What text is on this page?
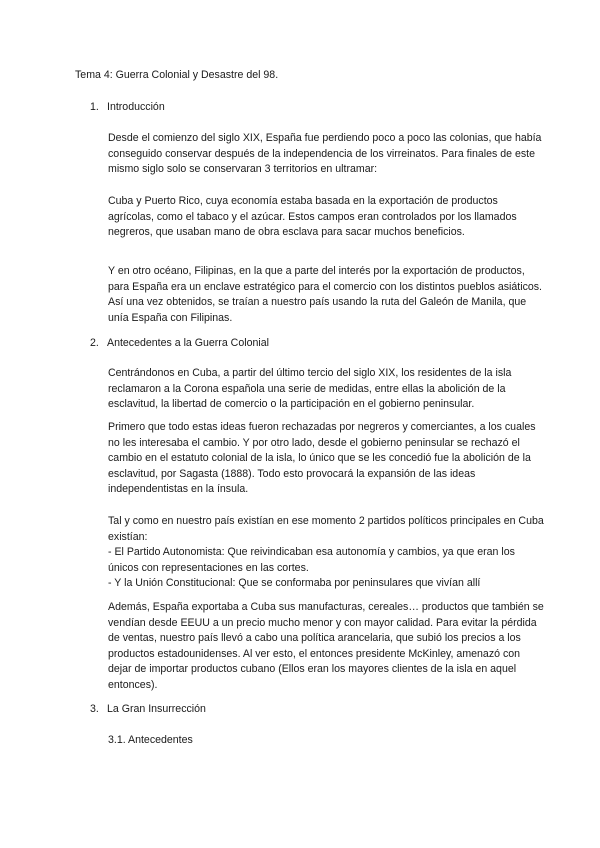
Tema 4: Guerra Colonial y Desastre del 98.
1. Introducción

Desde el comienzo del siglo XIX, España fue perdiendo poco a poco las colonias, que había conseguido conservar después de la independencia de los virreinatos. Para finales de este mismo siglo solo se conservaran 3 territorios en ultramar:

Cuba y Puerto Rico, cuya economía estaba basada en la exportación de productos agrícolas, como el tabaco y el azúcar. Estos campos eran controlados por los llamados negreros, que usaban mano de obra esclava para sacar muchos beneficios.

Y en otro océano, Filipinas, en la que a parte del interés por la exportación de productos, para España era un enclave estratégico para el comercio con los distintos pueblos asiáticos. Así una vez obtenidos, se traían a nuestro país usando la ruta del Galeón de Manila, que unía España con Filipinas.

2. Antecedentes a la Guerra Colonial

Centrándonos en Cuba, a partir del último tercio del siglo XIX, los residentes de la isla reclamaron a la Corona española una serie de medidas, entre ellas la abolición de la esclavitud, la libertad de comercio o la participación en el gobierno peninsular.

Primero que todo estas ideas fueron rechazadas por negreros y comerciantes, a los cuales no les interesaba el cambio. Y por otro lado, desde el gobierno peninsular se rechazó el cambio en el estatuto colonial de la isla, lo único que se les concedió fue la abolición de la esclavitud, por Sagasta (1888). Todo esto provocará la expansión de las ideas independentistas en la ínsula.

Tal y como en nuestro país existían en ese momento 2 partidos políticos principales en Cuba existían:

- El Partido Autonomista: Que reivindicaban esa autonomía y cambios, ya que eran los únicos con representaciones en las cortes.

- Y la Unión Constitucional: Que se conformaba por peninsulares que vivían allí

Además, España exportaba a Cuba sus manufacturas, cereales… productos que también se vendían desde EEUU a un precio mucho menor y con mayor calidad. Para evitar la pérdida de ventas, nuestro país llevó a cabo una política arancelaria, que subió los precios a los productos estadounidenses. Al ver esto, el entonces presidente McKinley, amenazó con dejar de importar productos cubano (Ellos eran los mayores clientes de la isla en aquel entonces).

3. La Gran Insurrección
3.1. Antecedentes
